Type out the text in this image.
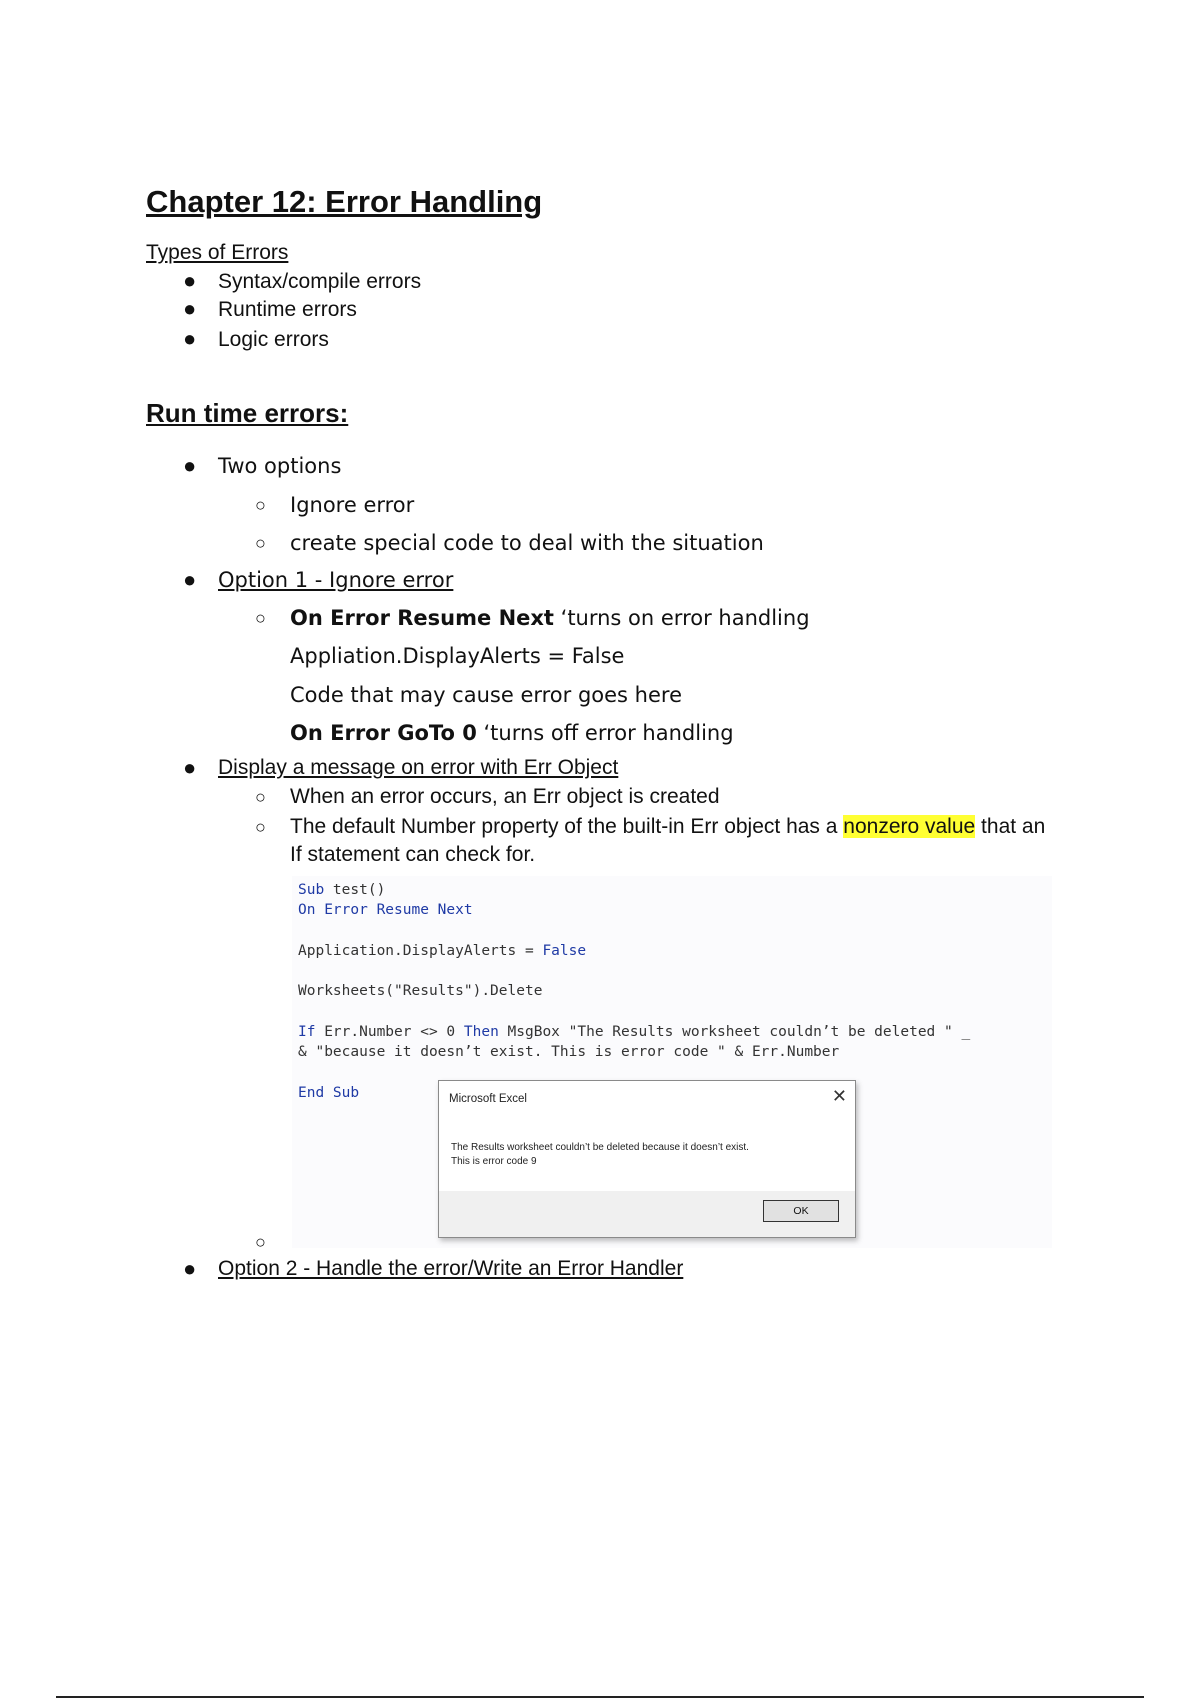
Chapter 12: Error Handling
Types of Errors
● Syntax/compile errors
● Runtime errors
● Logic errors
Run time errors:
● Two options
○ Ignore error
○ create special code to deal with the situation
● Option 1 - Ignore error
○ On Error Resume Next ‘turns on error handling
Appliation.DisplayAlerts = False
Code that may cause error goes here
On Error GoTo 0 ‘turns off error handling
● Display a message on error with Err Object
○ When an error occurs, an Err object is created
○ The default Number property of the built-in Err object has a nonzero value that an
If statement can check for.
Sub test()
On Error Resume Next
Application.DisplayAlerts = False
Worksheets("Results").Delete
If Err.Number <> 0 Then MsgBox "The Results worksheet couldn’t be deleted " _
& "because it doesn’t exist. This is error code " & Err.Number
End Sub	Microsoft Excel	✕
The Results worksheet couldn’t be deleted because it doesn’t exist.
This is error code 9
OK
○
● Option 2 - Handle the error/Write an Error Handler
